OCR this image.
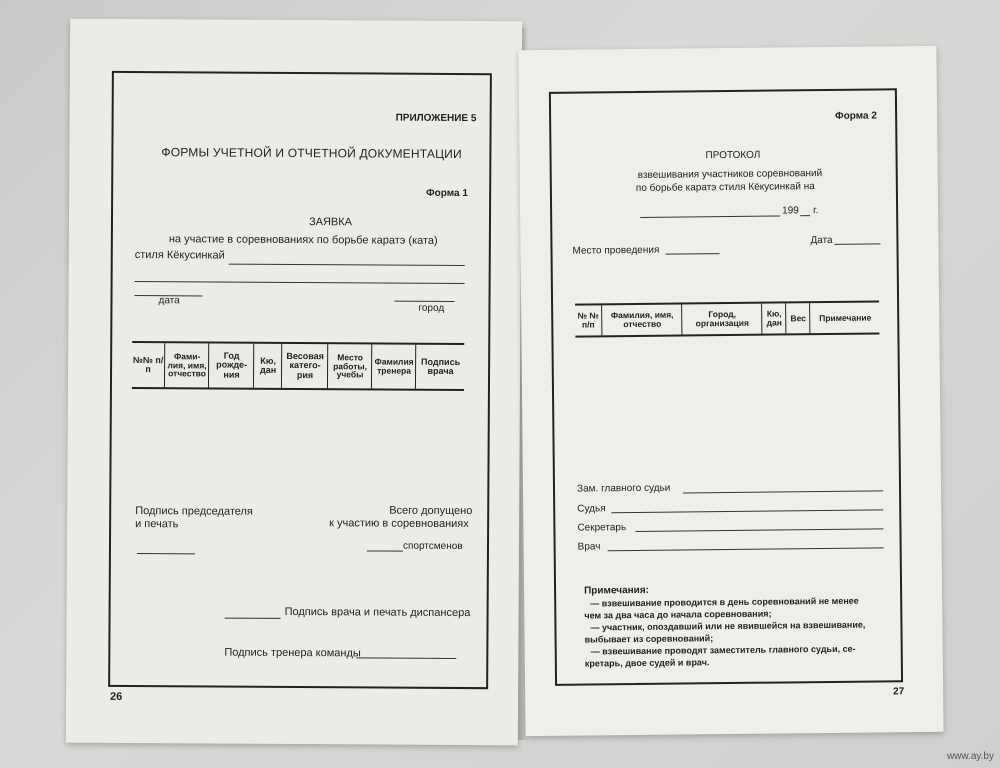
ПРИЛОЖЕНИЕ 5
ФОРМЫ УЧЕТНОЙ И ОТЧЕТНОЙ ДОКУМЕНТАЦИИ
Форма 1
ЗАЯВКА
на участие в соревнованиях по борьбе каратэ (ката)
стиля Кёкусинкай
дата
город
№№ п/п
Фами-лия, имя, отчество
Год рожде-ния
Кю, дан
Весовая катего-рия
Место работы, учебы
Фамилия тренера
Подпись врача
Подпись председателя
и печать
Всего допущено
к участию в соревнованиях
спортсменов
Подпись врача и печать диспансера
Подпись тренера команды
26
Форма 2
ПРОТОКОЛ
взвешивания участников соревнований
по борьбе каратэ стиля Кёкусинкай на
199 г.
Место проведения
Дата
№ № п/п
Фамилия, имя, отчество
Город, организация
Кю, дан Вес	Примечание
Зам. главного судьи
Судья
Секретарь
Врач
Примечания:
— взвешивание проводится в день соревнований не менее
чем за два часа до начала соревнования;
— участник, опоздавший или не явившейся на взвешивание,
выбывает из соревнований;
— взвешивание проводят заместитель главного судьи, се-
кретарь, двое судей и врач.
27
www.ay.by
